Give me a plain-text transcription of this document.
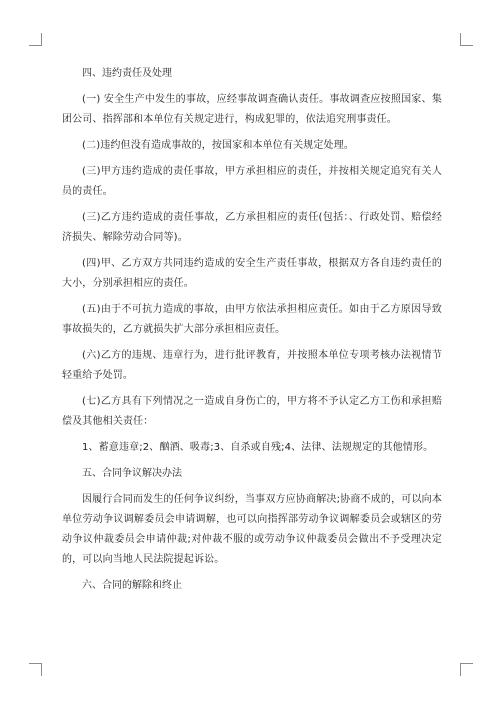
四、违约责任及处理

(一) 安全生产中发生的事故，应经事故调查确认责任。事故调查应按照国家、集团公司、指挥部和本单位有关规定进行，构成犯罪的，依法追究刑事责任。

(二)违约但没有造成事故的，按国家和本单位有关规定处理。

(三)甲方违约造成的责任事故，甲方承担相应的责任，并按相关规定追究有关人员的责任。

(三)乙方违约造成的责任事故，乙方承担相应的责任(包括：、行政处罚、赔偿经济损失、解除劳动合同等)。

(四)甲、乙方双方共同违约造成的安全生产责任事故，根据双方各自违约责任的大小，分别承担相应的责任。

(五)由于不可抗力造成的事故，由甲方依法承担相应责任。如由于乙方原因导致事故损失的，乙方就损失扩大部分承担相应责任。

(六)乙方的违规、违章行为，进行批评教育，并按照本单位专项考核办法视情节轻重给予处罚。

(七)乙方具有下列情况之一造成自身伤亡的，甲方将不予认定乙方工伤和承担赔偿及其他相关责任：

1、蓄意违章;2、酗酒、吸毒;3、自杀或自残;4、法律、法规规定的其他情形。

五、合同争议解决办法

因履行合同而发生的任何争议纠纷，当事双方应协商解决;协商不成的，可以向本单位劳动争议调解委员会申请调解，也可以向指挥部劳动争议调解委员会或辖区的劳动争议仲裁委员会申请仲裁;对仲裁不服的或劳动争议仲裁委员会做出不予受理决定的，可以向当地人民法院提起诉讼。

六、合同的解除和终止
